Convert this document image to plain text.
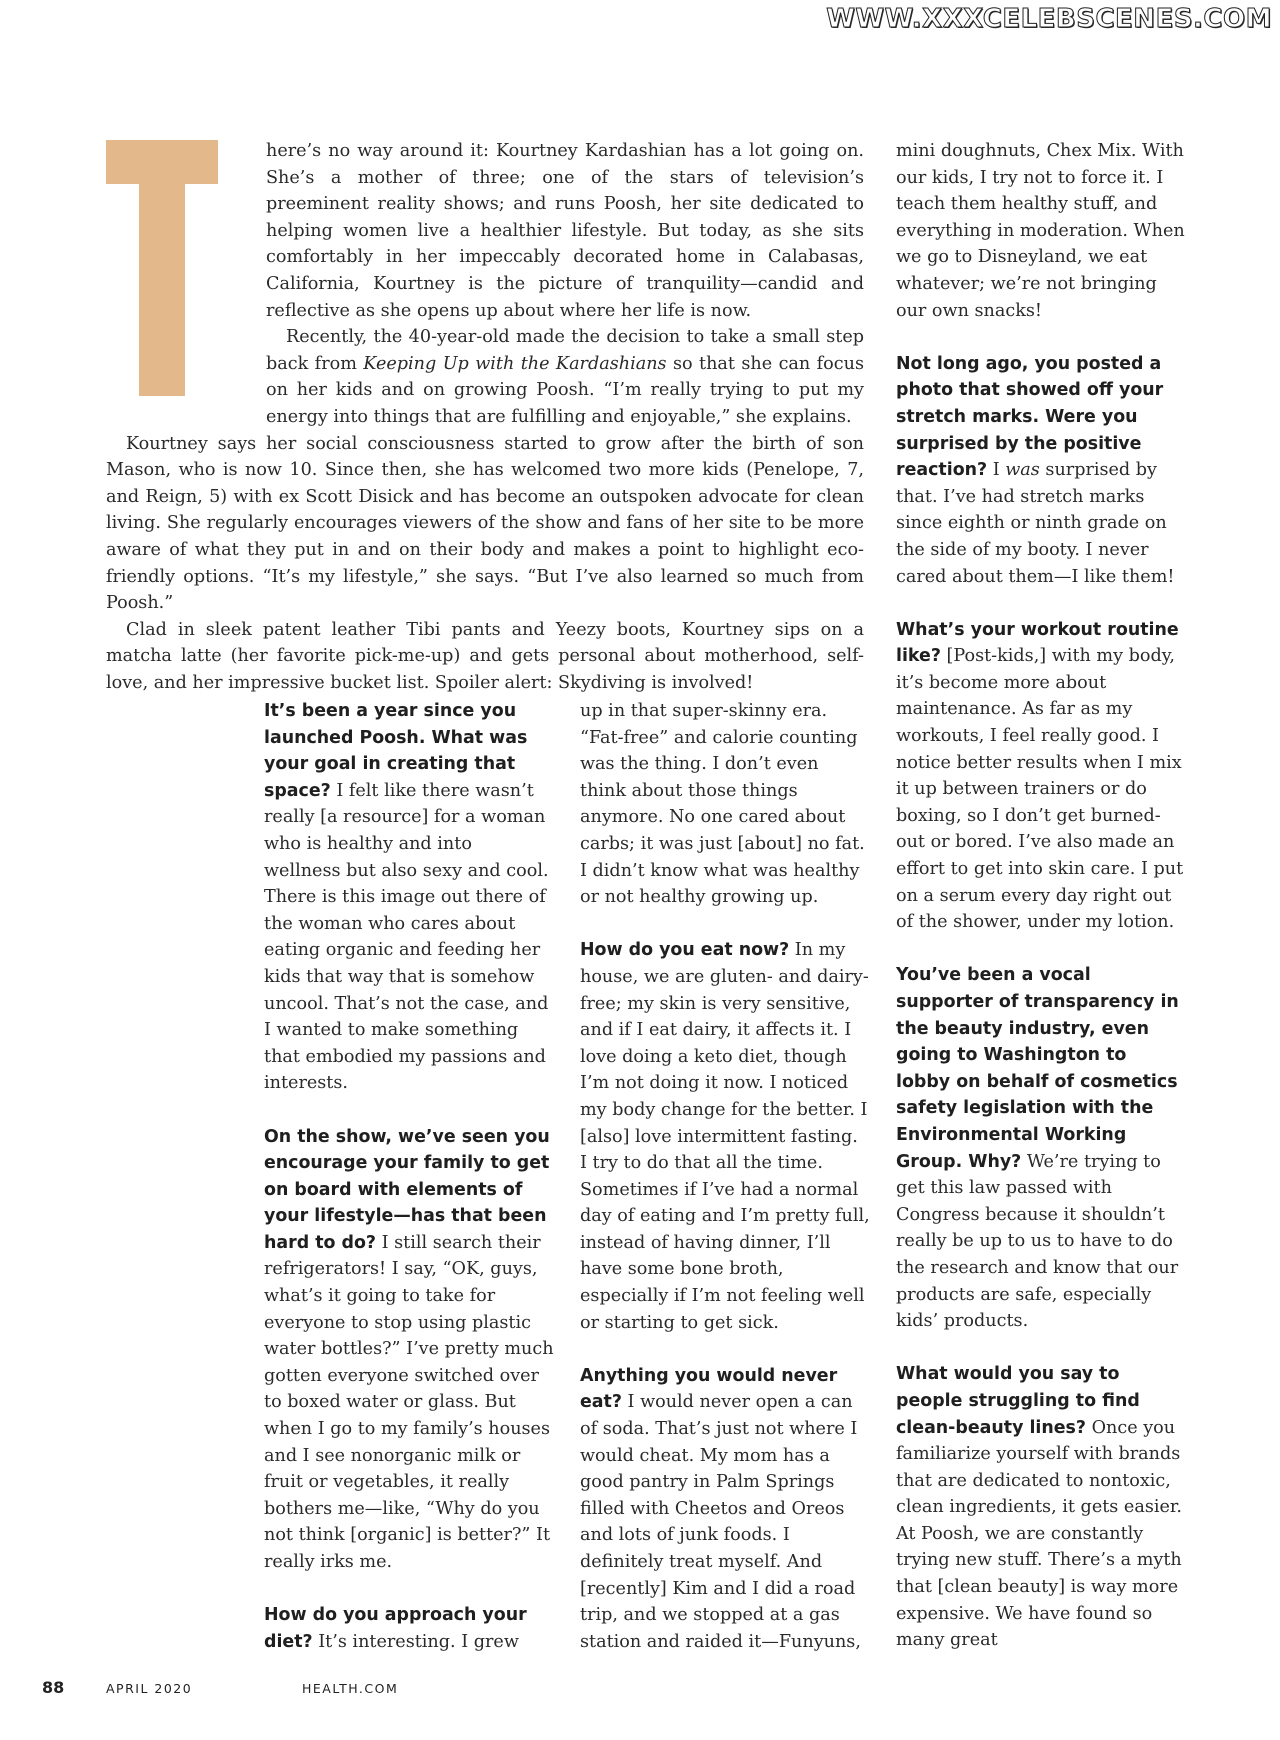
WWW.XXXCELEBSCENES.COM

here’s no way around it: Kourtney Kardashian has a lot going on. She’s a mother of three; one of the stars of television’s preeminent reality shows; and runs Poosh, her site dedicated to helping women live a healthier lifestyle. But today, as she sits comfortably in her impeccably decorated home in Calabasas, California, Kourtney is the picture of tranquility—candid and reflective as she opens up about where her life is now.

Recently, the 40-year-old made the decision to take a small step back from Keeping Up with the Kardashians so that she can focus on her kids and on growing Poosh. “I’m really trying to put my energy into things that are fulfilling and enjoyable,” she explains.

Kourtney says her social consciousness started to grow after the birth of son Mason, who is now 10. Since then, she has welcomed two more kids (Penelope, 7, and Reign, 5) with ex Scott Disick and has become an outspoken advocate for clean living. She regularly encourages viewers of the show and fans of her site to be more aware of what they put in and on their body and makes a point to highlight eco-friendly options. “It’s my lifestyle,” she says. “But I’ve also learned so much from Poosh.”

Clad in sleek patent leather Tibi pants and Yeezy boots, Kourtney sips on a matcha latte (her favorite pick-me-up) and gets personal about motherhood, self-love, and her impressive bucket list. Spoiler alert: Skydiving is involved!

It’s been a year since you launched Poosh. What was your goal in creating that space? I felt like there wasn’t really [a resource] for a woman who is healthy and into wellness but also sexy and cool. There is this image out there of the woman who cares about eating organic and feeding her kids that way that is somehow uncool. That’s not the case, and I wanted to make something that embodied my passions and interests.

On the show, we’ve seen you encourage your family to get on board with elements of your lifestyle—has that been hard to do? I still search their refrigerators! I say, “OK, guys, what’s it going to take for everyone to stop using plastic water bottles?” I’ve pretty much gotten everyone switched over to boxed water or glass. But when I go to my family’s houses and I see nonorganic milk or fruit or vegetables, it really bothers me—like, “Why do you not think [organic] is better?” It really irks me.

How do you approach your diet? It’s interesting. I grew

up in that super-skinny era. “Fat-free” and calorie counting was the thing. I don’t even think about those things anymore. No one cared about carbs; it was just [about] no fat. I didn’t know what was healthy or not healthy growing up.

How do you eat now? In my house, we are gluten- and dairy-free; my skin is very sensitive, and if I eat dairy, it affects it. I love doing a keto diet, though I’m not doing it now. I noticed my body change for the better. I [also] love intermittent fasting. I try to do that all the time. Sometimes if I’ve had a normal day of eating and I’m pretty full, instead of having dinner, I’ll have some bone broth, especially if I’m not feeling well or starting to get sick.

Anything you would never eat? I would never open a can of soda. That’s just not where I would cheat. My mom has a good pantry in Palm Springs filled with Cheetos and Oreos and lots of junk foods. I definitely treat myself. And [recently] Kim and I did a road trip, and we stopped at a gas station and raided it—Funyuns,

mini doughnuts, Chex Mix. With our kids, I try not to force it. I teach them healthy stuff, and everything in moderation. When we go to Disneyland, we eat whatever; we’re not bringing our own snacks!

Not long ago, you posted a photo that showed off your stretch marks. Were you surprised by the positive reaction? I was surprised by that. I’ve had stretch marks since eighth or ninth grade on the side of my booty. I never cared about them—I like them!

What’s your workout routine like? [Post-kids,] with my body, it’s become more about maintenance. As far as my workouts, I feel really good. I notice better results when I mix it up between trainers or do boxing, so I don’t get burned-out or bored. I’ve also made an effort to get into skin care. I put on a serum every day right out of the shower, under my lotion.

You’ve been a vocal supporter of transparency in the beauty industry, even going to Washington to lobby on behalf of cosmetics safety legislation with the Environmental Working Group. Why? We’re trying to get this law passed with Congress because it shouldn’t really be up to us to have to do the research and know that our products are safe, especially kids’ products.

What would you say to people struggling to find clean-beauty lines? Once you familiarize yourself with brands that are dedicated to nontoxic, clean ingredients, it gets easier. At Poosh, we are constantly trying new stuff. There’s a myth that [clean beauty] is way more expensive. We have found so many great

88	APRIL 2020	HEALTH.COM
